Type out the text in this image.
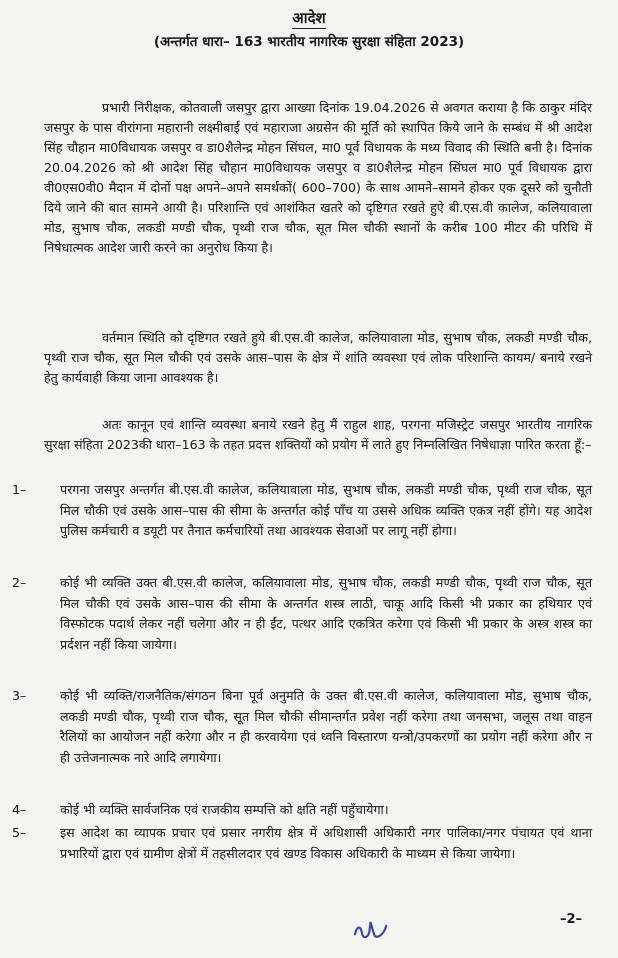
आदेश
(अन्तर्गत धारा– 163 भारतीय नागरिक सुरक्षा संहिता 2023)
प्रभारी निरीक्षक, कोतवाली जसपुर द्वारा आख्या दिनांक 19.04.2026 से अवगत कराया है कि ठाकुर मंदिर जसपुर के पास वीरांगना महारानी लक्ष्मीबाई एवं महाराजा अग्रसेन की मूर्ति को स्थापित किये जाने के सम्बंध में श्री आदेश सिंह चौहान मा0विधायक जसपुर व डा0शैलेन्द्र मोहन सिंघल, मा0 पूर्व विधायक के मध्य विवाद की स्थिति बनी है। दिनांक 20.04.2026 को श्री आदेश सिंह चौहान मा0विधायक जसपुर व डा0शैलेन्द्र मोहन सिंघल मा0 पूर्व विधायक द्वारा वी0एस0वी0 मैदान में दोनों पक्ष अपने–अपने समर्थकों( 600–700) के साथ आमने–सामने होकर एक दूसरे को चुनौती दिये जाने की बात सामने आयी है। परिशान्ति एवं आशंकित खतरे को दृष्टिगत रखते हुऐ बी.एस.वी कालेज, कलियावाला मोड, सुभाष चौक, लकडी मण्डी चौक, पृथ्वी राज चौक, सूत मिल चौकी स्थानों के करीब 100 मीटर की परिधि में निषेधात्मक आदेश जारी करने का अनुरोध किया है।
वर्तमान स्थिति को दृष्टिगत रखते हुये बी.एस.वी कालेज, कलियावाला मोड, सुभाष चौक, लकडी मण्डी चौक, पृथ्वी राज चौक, सूत मिल चौकी एवं उसके आस–पास के क्षेत्र में शांति व्यवस्था एवं लोक परिशान्ति कायम/ बनाये रखने हेतु कार्यवाही किया जाना आवश्यक है।
अतः कानून एवं शान्ति व्यवस्था बनाये रखने हेतु मैं राहुल शाह, परगना मजिस्ट्रेट जसपुर भारतीय नागरिक सुरक्षा संहिता 2023की धारा–163 के तहत प्रदत्त शक्तियों को प्रयोग में लाते हुए निम्नलिखित निषेधाज्ञा पारित करता हूँ:–
1–	परगना जसपुर अन्तर्गत बी.एस.वी कालेज, कलियावाला मोड, सुभाष चौक, लकडी मण्डी चौक, पृथ्वी राज चौक, सूत मिल चौकी एवं उसके आस–पास की सीमा के अन्तर्गत कोई पाँच या उससे अधिक व्यक्ति एकत्र नहीं होंगे। यह आदेश पुलिस कर्मचारी व डयूटी पर तैनात कर्मचारियों तथा आवश्यक सेवाओं पर लागू नहीं होगा।
2–	कोई भी व्यक्ति उक्त बी.एस.वी कालेज, कलियावाला मोड, सुभाष चौक, लकडी मण्डी चौक, पृथ्वी राज चौक, सूत मिल चौकी एवं उसके आस–पास की सीमा के अन्तर्गत शस्त्र लाठी, चाकू आदि किसी भी प्रकार का हथियार एवं विस्फोटक पदार्थ लेकर नहीं चलेगा और न ही ईंट, पत्थर आदि एकत्रित करेगा एवं किसी भी प्रकार के अस्त्र शस्त्र का प्रर्दशन नहीं किया जायेगा।
3–	कोई भी व्यक्ति/राजनैतिक/संगठन बिना पूर्व अनुमति के उक्त बी.एस.वी कालेज, कलियावाला मोड, सुभाष चौक, लकडी मण्डी चौक, पृथ्वी राज चौक, सूत मिल चौकी सीमान्तर्गत प्रवेश नहीं करेगा तथा जनसभा, जलूस तथा वाहन रैलियों का आयोजन नहीं करेगा और न ही करवायेगा एवं ध्वनि विस्तारण यन्त्रो/उपकरणों का प्रयोग नहीं करेगा और न ही उत्तेजनात्मक नारे आदि लगायेगा।
4–	कोई भी व्यक्ति सार्वजनिक एवं राजकीय सम्पत्ति को क्षति नहीं पहुँचायेगा।
5–	इस आदेश का व्यापक प्रचार एवं प्रसार नगरीय क्षेत्र में अधिशासी अधिकारी नगर पालिका/नगर पंचायत एवं थाना प्रभारियों द्वारा एवं ग्रामीण क्षेत्रों में तहसीलदार एवं खण्ड विकास अधिकारी के माध्यम से किया जायेगा।
–2–
